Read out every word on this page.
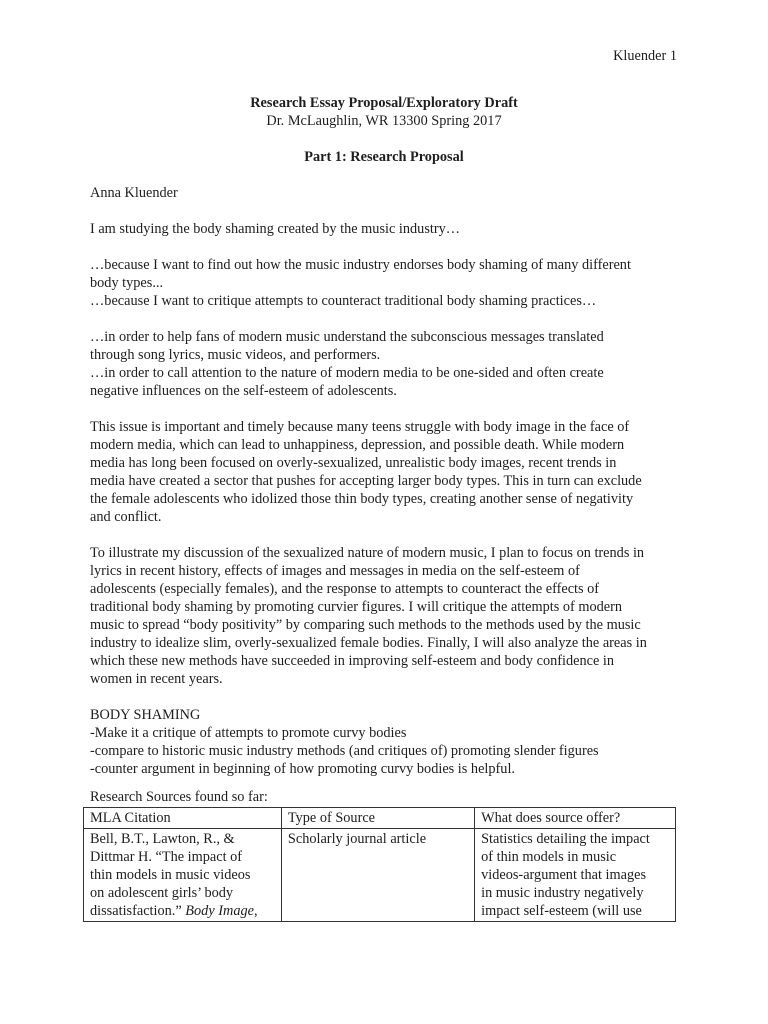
Kluender 1
Research Essay Proposal/Exploratory Draft
Dr. McLaughlin, WR 13300 Spring 2017
Part 1: Research Proposal

Anna Kluender

I am studying the body shaming created by the music industry…

…because I want to find out how the music industry endorses body shaming of many different
body types...
…because I want to critique attempts to counteract traditional body shaming practices…

…in order to help fans of modern music understand the subconscious messages translated
through song lyrics, music videos, and performers.
…in order to call attention to the nature of modern media to be one-sided and often create
negative influences on the self-esteem of adolescents.

This issue is important and timely because many teens struggle with body image in the face of
modern media, which can lead to unhappiness, depression, and possible death. While modern
media has long been focused on overly-sexualized, unrealistic body images, recent trends in
media have created a sector that pushes for accepting larger body types. This in turn can exclude
the female adolescents who idolized those thin body types, creating another sense of negativity
and conflict.

To illustrate my discussion of the sexualized nature of modern music, I plan to focus on trends in
lyrics in recent history, effects of images and messages in media on the self-esteem of
adolescents (especially females), and the response to attempts to counteract the effects of
traditional body shaming by promoting curvier figures. I will critique the attempts of modern
music to spread “body positivity” by comparing such methods to the methods used by the music
industry to idealize slim, overly-sexualized female bodies. Finally, I will also analyze the areas in
which these new methods have succeeded in improving self-esteem and body confidence in
women in recent years.

BODY SHAMING
-Make it a critique of attempts to promote curvy bodies
-compare to historic music industry methods (and critiques of) promoting slender figures
-counter argument in beginning of how promoting curvy bodies is helpful.

Research Sources found so far:
MLA Citation	Type of Source	What does source offer?

Bell, B.T., Lawton, R., &
Dittmar H. “The impact of
thin models in music videos
on adolescent girls’ body
dissatisfaction.” Body Image,	Scholarly journal article	Statistics detailing the impact
of thin models in music
videos-argument that images
in music industry negatively
impact self-esteem (will use
